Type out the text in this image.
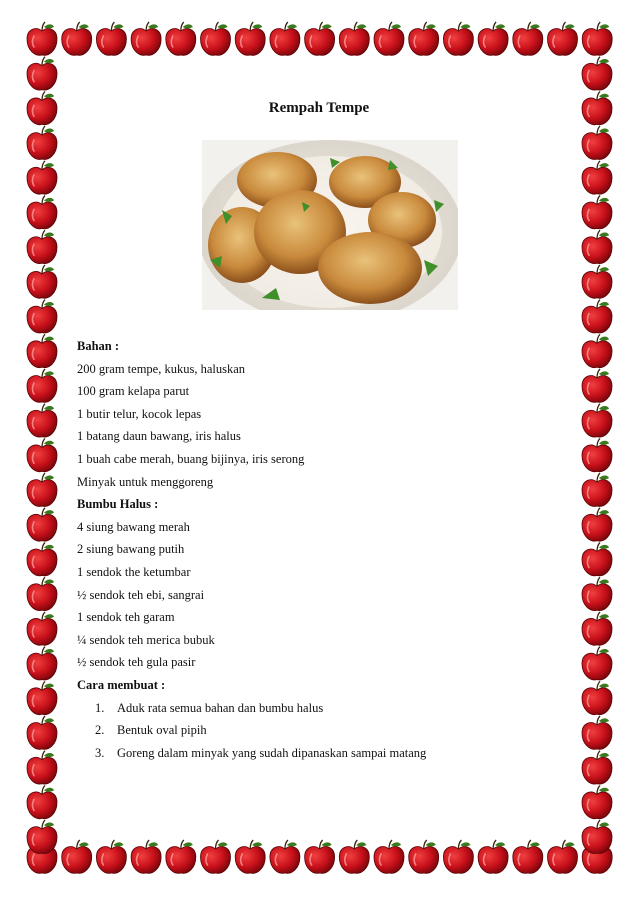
Rempah Tempe
Bahan :
200 gram tempe, kukus, haluskan
100 gram kelapa parut
1 butir telur, kocok lepas
1 batang daun bawang, iris halus
1 buah cabe merah, buang bijinya, iris serong
Minyak untuk menggoreng
Bumbu Halus :
4 siung bawang merah
2 siung bawang putih
1 sendok the ketumbar
½ sendok teh ebi, sangrai
1 sendok teh garam
¼ sendok teh merica bubuk
½ sendok teh gula pasir
Cara membuat :
1.	Aduk rata semua bahan dan bumbu halus
2.	Bentuk oval pipih
3.	Goreng dalam minyak yang sudah dipanaskan sampai matang
